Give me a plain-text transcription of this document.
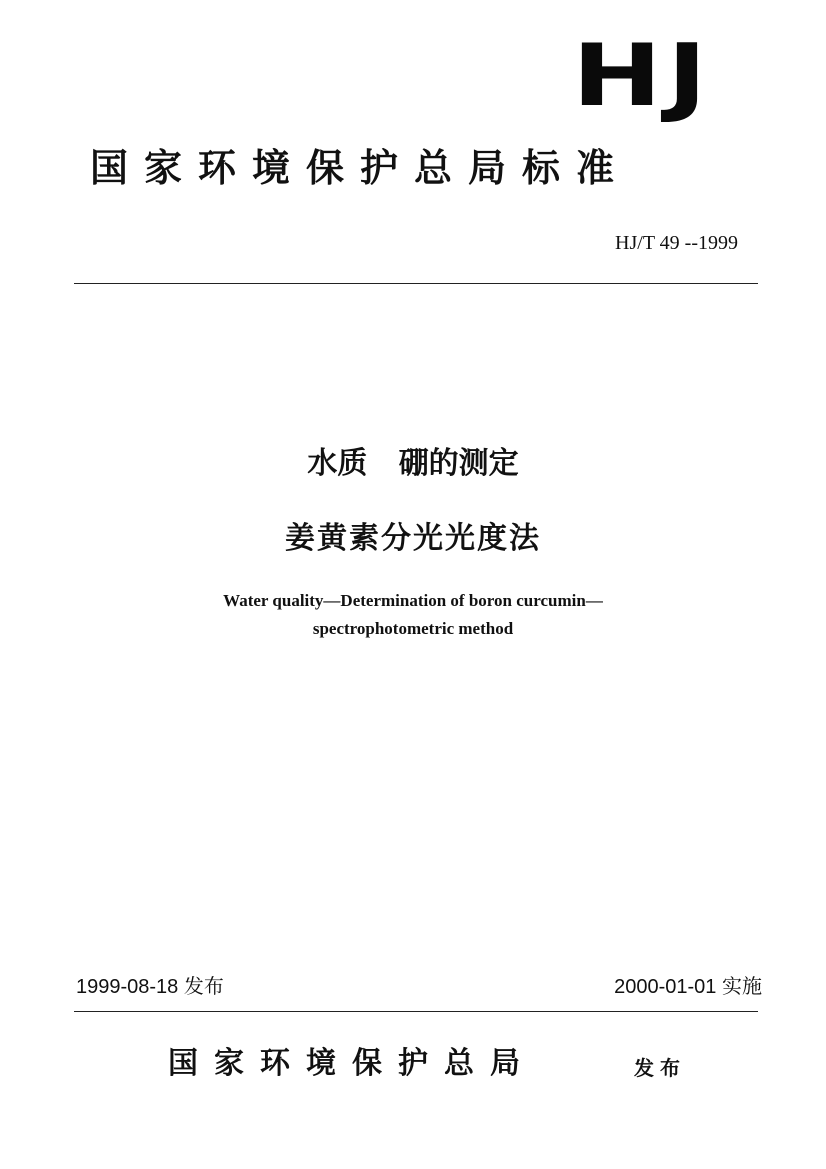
HJ
国家环境保护总局标准
HJ/T 49 --1999
水质   硼的测定
姜黄素分光光度法
Water quality—Determination of boron curcumin—
spectrophotometric method
1999-08-18 发布	2000-01-01 实施
国家环境保护总局	发布
